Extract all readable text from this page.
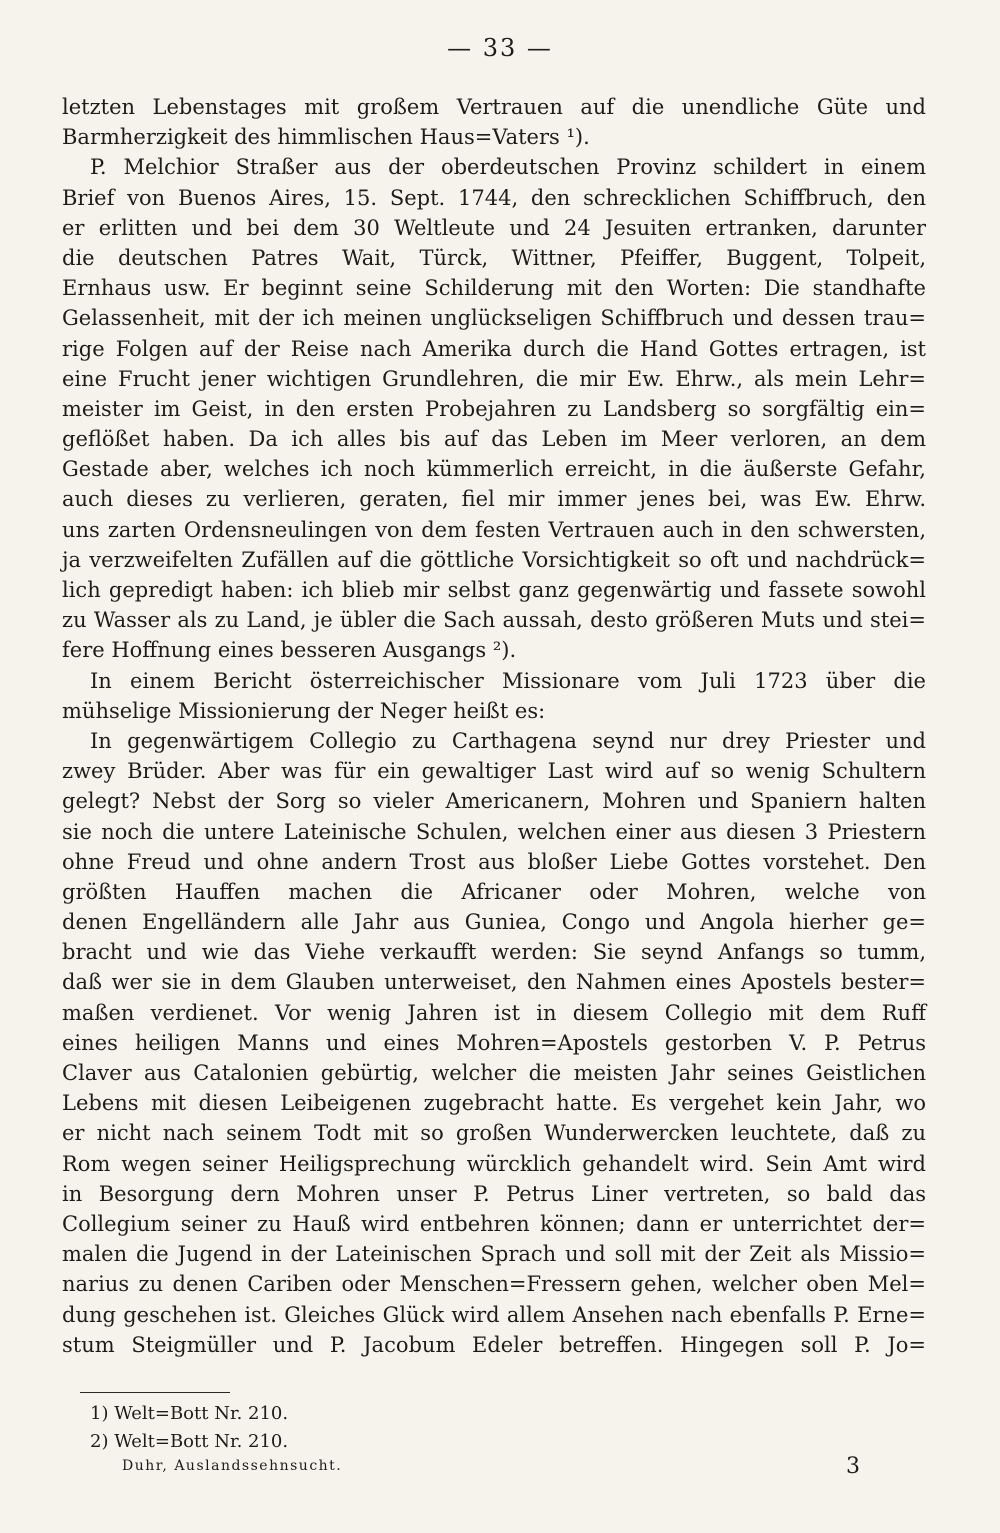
— 33 —
letzten Lebenstages mit großem Vertrauen auf die unendliche Güte und
Barmherzigkeit des himmlischen Haus=Vaters ¹).
P. Melchior Straßer aus der oberdeutschen Provinz schildert in einem
Brief von Buenos Aires, 15. Sept. 1744, den schrecklichen Schiffbruch, den
er erlitten und bei dem 30 Weltleute und 24 Jesuiten ertranken, darunter
die deutschen Patres Wait, Türck, Wittner, Pfeiffer, Buggent, Tolpeit,
Ernhaus usw. Er beginnt seine Schilderung mit den Worten: Die standhafte
Gelassenheit, mit der ich meinen unglückseligen Schiffbruch und dessen trau=
rige Folgen auf der Reise nach Amerika durch die Hand Gottes ertragen, ist
eine Frucht jener wichtigen Grundlehren, die mir Ew. Ehrw., als mein Lehr=
meister im Geist, in den ersten Probejahren zu Landsberg so sorgfältig ein=
geflößet haben. Da ich alles bis auf das Leben im Meer verloren, an dem
Gestade aber, welches ich noch kümmerlich erreicht, in die äußerste Gefahr,
auch dieses zu verlieren, geraten, fiel mir immer jenes bei, was Ew. Ehrw.
uns zarten Ordensneulingen von dem festen Vertrauen auch in den schwersten,
ja verzweifelten Zufällen auf die göttliche Vorsichtigkeit so oft und nachdrück=
lich gepredigt haben: ich blieb mir selbst ganz gegenwärtig und fassete sowohl
zu Wasser als zu Land, je übler die Sach aussah, desto größeren Muts und stei=
fere Hoffnung eines besseren Ausgangs ²).
In einem Bericht österreichischer Missionare vom Juli 1723 über die
mühselige Missionierung der Neger heißt es:
In gegenwärtigem Collegio zu Carthagena seynd nur drey Priester und
zwey Brüder. Aber was für ein gewaltiger Last wird auf so wenig Schultern
gelegt? Nebst der Sorg so vieler Americanern, Mohren und Spaniern halten
sie noch die untere Lateinische Schulen, welchen einer aus diesen 3 Priestern
ohne Freud und ohne andern Trost aus bloßer Liebe Gottes vorstehet. Den
größten Hauffen machen die Africaner oder Mohren, welche von
denen Engelländern alle Jahr aus Guniea, Congo und Angola hierher ge=
bracht und wie das Viehe verkaufft werden: Sie seynd Anfangs so tumm,
daß wer sie in dem Glauben unterweiset, den Nahmen eines Apostels bester=
maßen verdienet. Vor wenig Jahren ist in diesem Collegio mit dem Ruff
eines heiligen Manns und eines Mohren=Apostels gestorben V. P. Petrus
Claver aus Catalonien gebürtig, welcher die meisten Jahr seines Geistlichen
Lebens mit diesen Leibeigenen zugebracht hatte. Es vergehet kein Jahr, wo
er nicht nach seinem Todt mit so großen Wunderwercken leuchtete, daß zu
Rom wegen seiner Heiligsprechung würcklich gehandelt wird. Sein Amt wird
in Besorgung dern Mohren unser P. Petrus Liner vertreten, so bald das
Collegium seiner zu Hauß wird entbehren können; dann er unterrichtet der=
malen die Jugend in der Lateinischen Sprach und soll mit der Zeit als Missio=
narius zu denen Cariben oder Menschen=Fressern gehen, welcher oben Mel=
dung geschehen ist. Gleiches Glück wird allem Ansehen nach ebenfalls P. Erne=
stum Steigmüller und P. Jacobum Edeler betreffen. Hingegen soll P. Jo=
1) Welt=Bott Nr. 210.
2) Welt=Bott Nr. 210.
Duhr, Auslandssehnsucht.	3
